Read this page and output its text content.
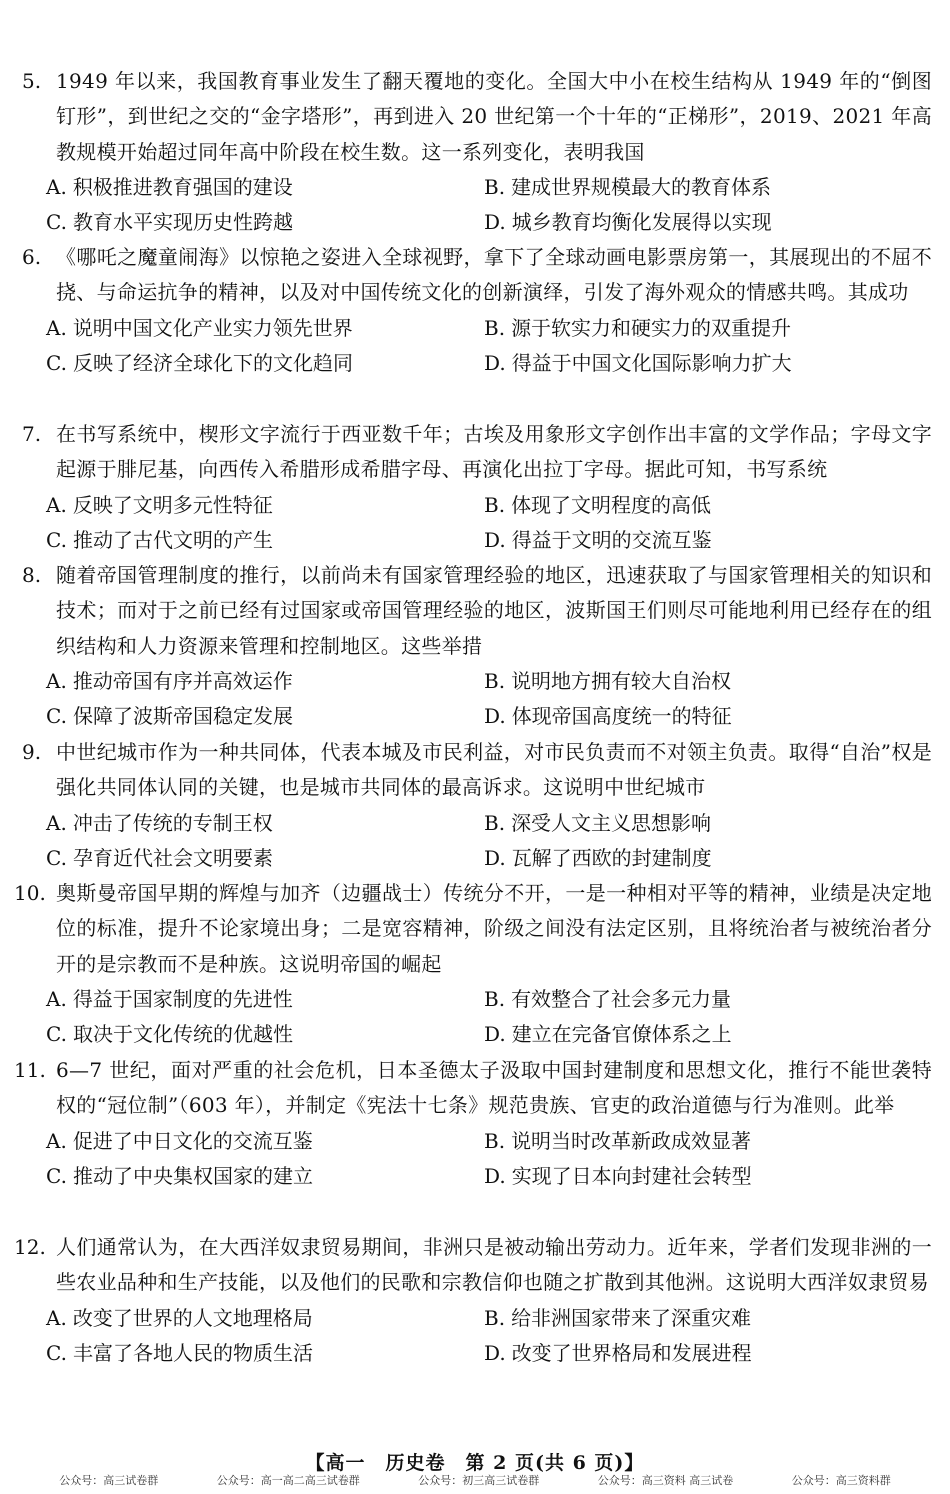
5. 1949 年以来，我国教育事业发生了翻天覆地的变化。全国大中小在校生结构从 1949 年的“倒图钉形”，到世纪之交的“金字塔形”，再到进入 20 世纪第一个十年的“正梯形”，2019、2021 年高教规模开始超过同年高中阶段在校生数。这一系列变化，表明我国

A. 积极推进教育强国的建设	B. 建成世界规模最大的教育体系
C. 教育水平实现历史性跨越	D. 城乡教育均衡化发展得以实现
6. 《哪吒之魔童闹海》以惊艳之姿进入全球视野，拿下了全球动画电影票房第一，其展现出的不屈不挠、与命运抗争的精神，以及对中国传统文化的创新演绎，引发了海外观众的情感共鸣。其成功

A. 说明中国文化产业实力领先世界	B. 源于软实力和硬实力的双重提升
C. 反映了经济全球化下的文化趋同	D. 得益于中国文化国际影响力扩大
7. 在书写系统中，楔形文字流行于西亚数千年；古埃及用象形文字创作出丰富的文学作品；字母文字起源于腓尼基，向西传入希腊形成希腊字母、再演化出拉丁字母。据此可知，书写系统

A. 反映了文明多元性特征	B. 体现了文明程度的高低
C. 推动了古代文明的产生	D. 得益于文明的交流互鉴
8. 随着帝国管理制度的推行，以前尚未有国家管理经验的地区，迅速获取了与国家管理相关的知识和技术；而对于之前已经有过国家或帝国管理经验的地区，波斯国王们则尽可能地利用已经存在的组织结构和人力资源来管理和控制地区。这些举措

A. 推动帝国有序并高效运作	B. 说明地方拥有较大自治权
C. 保障了波斯帝国稳定发展	D. 体现帝国高度统一的特征
9. 中世纪城市作为一种共同体，代表本城及市民利益，对市民负责而不对领主负责。取得“自治”权是强化共同体认同的关键，也是城市共同体的最高诉求。这说明中世纪城市

A. 冲击了传统的专制王权	B. 深受人文主义思想影响
C. 孕育近代社会文明要素	D. 瓦解了西欧的封建制度
10. 奥斯曼帝国早期的辉煌与加齐（边疆战士）传统分不开，一是一种相对平等的精神，业绩是决定地位的标准，提升不论家境出身；二是宽容精神，阶级之间没有法定区别，且将统治者与被统治者分开的是宗教而不是种族。这说明帝国的崛起

A. 得益于国家制度的先进性	B. 有效整合了社会多元力量
C. 取决于文化传统的优越性	D. 建立在完备官僚体系之上
11. 6—7 世纪，面对严重的社会危机，日本圣德太子汲取中国封建制度和思想文化，推行不能世袭特权的“冠位制”（603 年），并制定《宪法十七条》规范贵族、官吏的政治道德与行为准则。此举

A. 促进了中日文化的交流互鉴	B. 说明当时改革新政成效显著
C. 推动了中央集权国家的建立	D. 实现了日本向封建社会转型
12. 人们通常认为，在大西洋奴隶贸易期间，非洲只是被动输出劳动力。近年来，学者们发现非洲的一些农业品种和生产技能，以及他们的民歌和宗教信仰也随之扩散到其他洲。这说明大西洋奴隶贸易

A. 改变了世界的人文地理格局	B. 给非洲国家带来了深重灾难
C. 丰富了各地人民的物质生活	D. 改变了世界格局和发展进程
【高一　历史卷　第 2 页(共 6 页)】
公众号：高三试卷群	公众号：高一高二高三试卷群	公众号：初三高三试卷群	公众号：高三资料 高三试卷	公众号：高三资料群
